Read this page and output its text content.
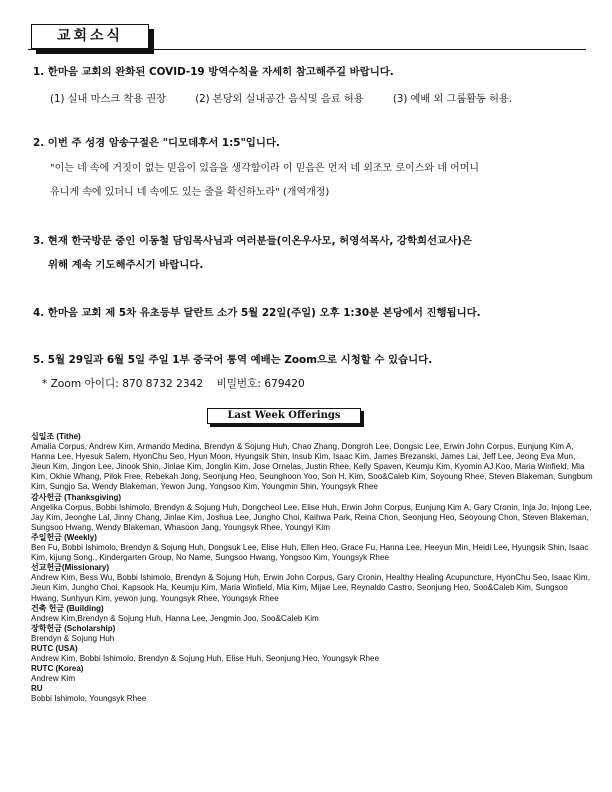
교회소식
1. 한마음 교회의 완화된 COVID-19 방역수칙을 자세히 참고해주길 바랍니다.
(1) 실내 마스크 착용 권장	(2) 본당외 실내공간 음식및 음료 허용	(3) 예배 외 그룹활동 허용.
2. 이번 주 성경 암송구절은 "디모데후서 1:5"입니다.
"이는 네 속에 거짓이 없는 믿음이 있음을 생각함이라 이 믿음은 먼저 네 외조모 로이스와 네 어머니
유니게 속에 있더니 네 속에도 있는 줄을 확신하노라" (개역개정)
3. 현재 한국방문 중인 이동철 담임목사님과 여러분들(이온우사모, 허영석목사, 강학희선교사)은
위해 계속 기도해주시기 바랍니다.
4. 한마음 교회 제 5차 유초등부 달란트 소가 5월 22일(주일) 오후 1:30분 본당에서 진행됩니다.
5. 5월 29일과 6월 5일 주일 1부 중국어 통역 예배는 Zoom으로 시청할 수 있습니다.
* Zoom 아이디: 870 8732 2342 비밀번호: 679420
Last Week Offerings
십일조 (Tithe)
Amalia Corpus, Andrew Kim, Armando Medina, Brendyn & Sojung Huh, Chao Zhang, Dongroh Lee, Dongsic Lee, Erwin John Corpus, Eunjung Kim A, Hanna Lee, Hyesuk Salem, HyonChu Seo, Hyun Moon, Hyungsik Shin, Insub Kim, Isaac Kim, James Brezanski, James Lai, Jeff Lee, Jeong Eva Mun, Jieun Kim, Jingon Lee, Jinook Shin, Jinlae Kim, Jonglin Kim, Jose Ornelas, Justin Rhee, Kelly Spaven, Keumju Kim, Kyomin AJ Koo, Maria Winfield, Mia Kim, Okhie Whang, Pilok Free, Rebekah Jong, Seonjung Heo, Seunghoon Yoo, Son H. Kim, Soo&Caleb Kim, Soyoung Rhee, Steven Blakeman, Sungbum Kim, Sungjo Sa, Wendy Blakeman, Yewon Jung, Yongsoo Kim, Youngmin Shin, Youngsyk Rhee
감사헌금 (Thanksgiving)
Angelika Corpus, Bobbi Ishimolo, Brendyn & Sojung Huh, Dongcheol Lee, Elise Huh, Erwin John Corpus, Eunjung Kim A, Gary Cronin, Inja Jo, Injong Lee, Jay Kim, Jeonghe Lal, Jinny Chang, Jinlae Kim, Joshua Lee, Jungho Choi, Kaihwa Park, Reina Chon, Seonjung Heo, Seoyoung Chon, Steven Blakeman, Sungsoo Hwang, Wendy Blakeman, Whasoon Jang, Youngsyk Rhee, Youngyi Kim
주일헌금 (Weekly)
Ben Fu, Bobbi Ishimolo, Brendyn & Sojung Huh, Dongsuk Lee, Elise Huh, Ellen Heo, Grace Fu, Hanna Lee, Heeyun Min, Heidi Lee, Hyungsik Shin, Isaac Kim, kijung Song., Kindergarten Group, No Name, Sungsoo Hwang, Yongsoo Kim, Youngsyk Rhee
선교헌금(Missionary)
Andrew Kim, Bess Wu, Bobbi Ishimolo, Brendyn & Sojung Huh, Erwin John Corpus, Gary Cronin, Healthy Healing Acupuncture, HyonChu Seo, Isaac Kim, Jieun Kim, Jungho Choi, Kapsook Ha, Keumju Kim, Maria Winfield, Mia Kim, Mijae Lee, Reynaldo Castro, Seonjung Heo, Soo&Caleb Kim, Sungsoo Hwang, Sunhyun Kim, yewon jung, Youngsyk Rhee, Youngsyk Rhee
건축 헌금 (Building)
Andrew Kim,Brendyn & Sojung Huh, Hanna Lee, Jengmin Joo, Soo&Caleb Kim
장학헌금 (Scholarship)
Brendyn & Sojung Huh
RUTC (USA)
Andrew Kim, Bobbi Ishimolo, Brendyn & Sojung Huh, Elise Huh, Seonjung Heo, Youngsyk Rhee
RUTC (Korea)
Andrew Kim
RU
Bobbi Ishimolo, Youngsyk Rhee
